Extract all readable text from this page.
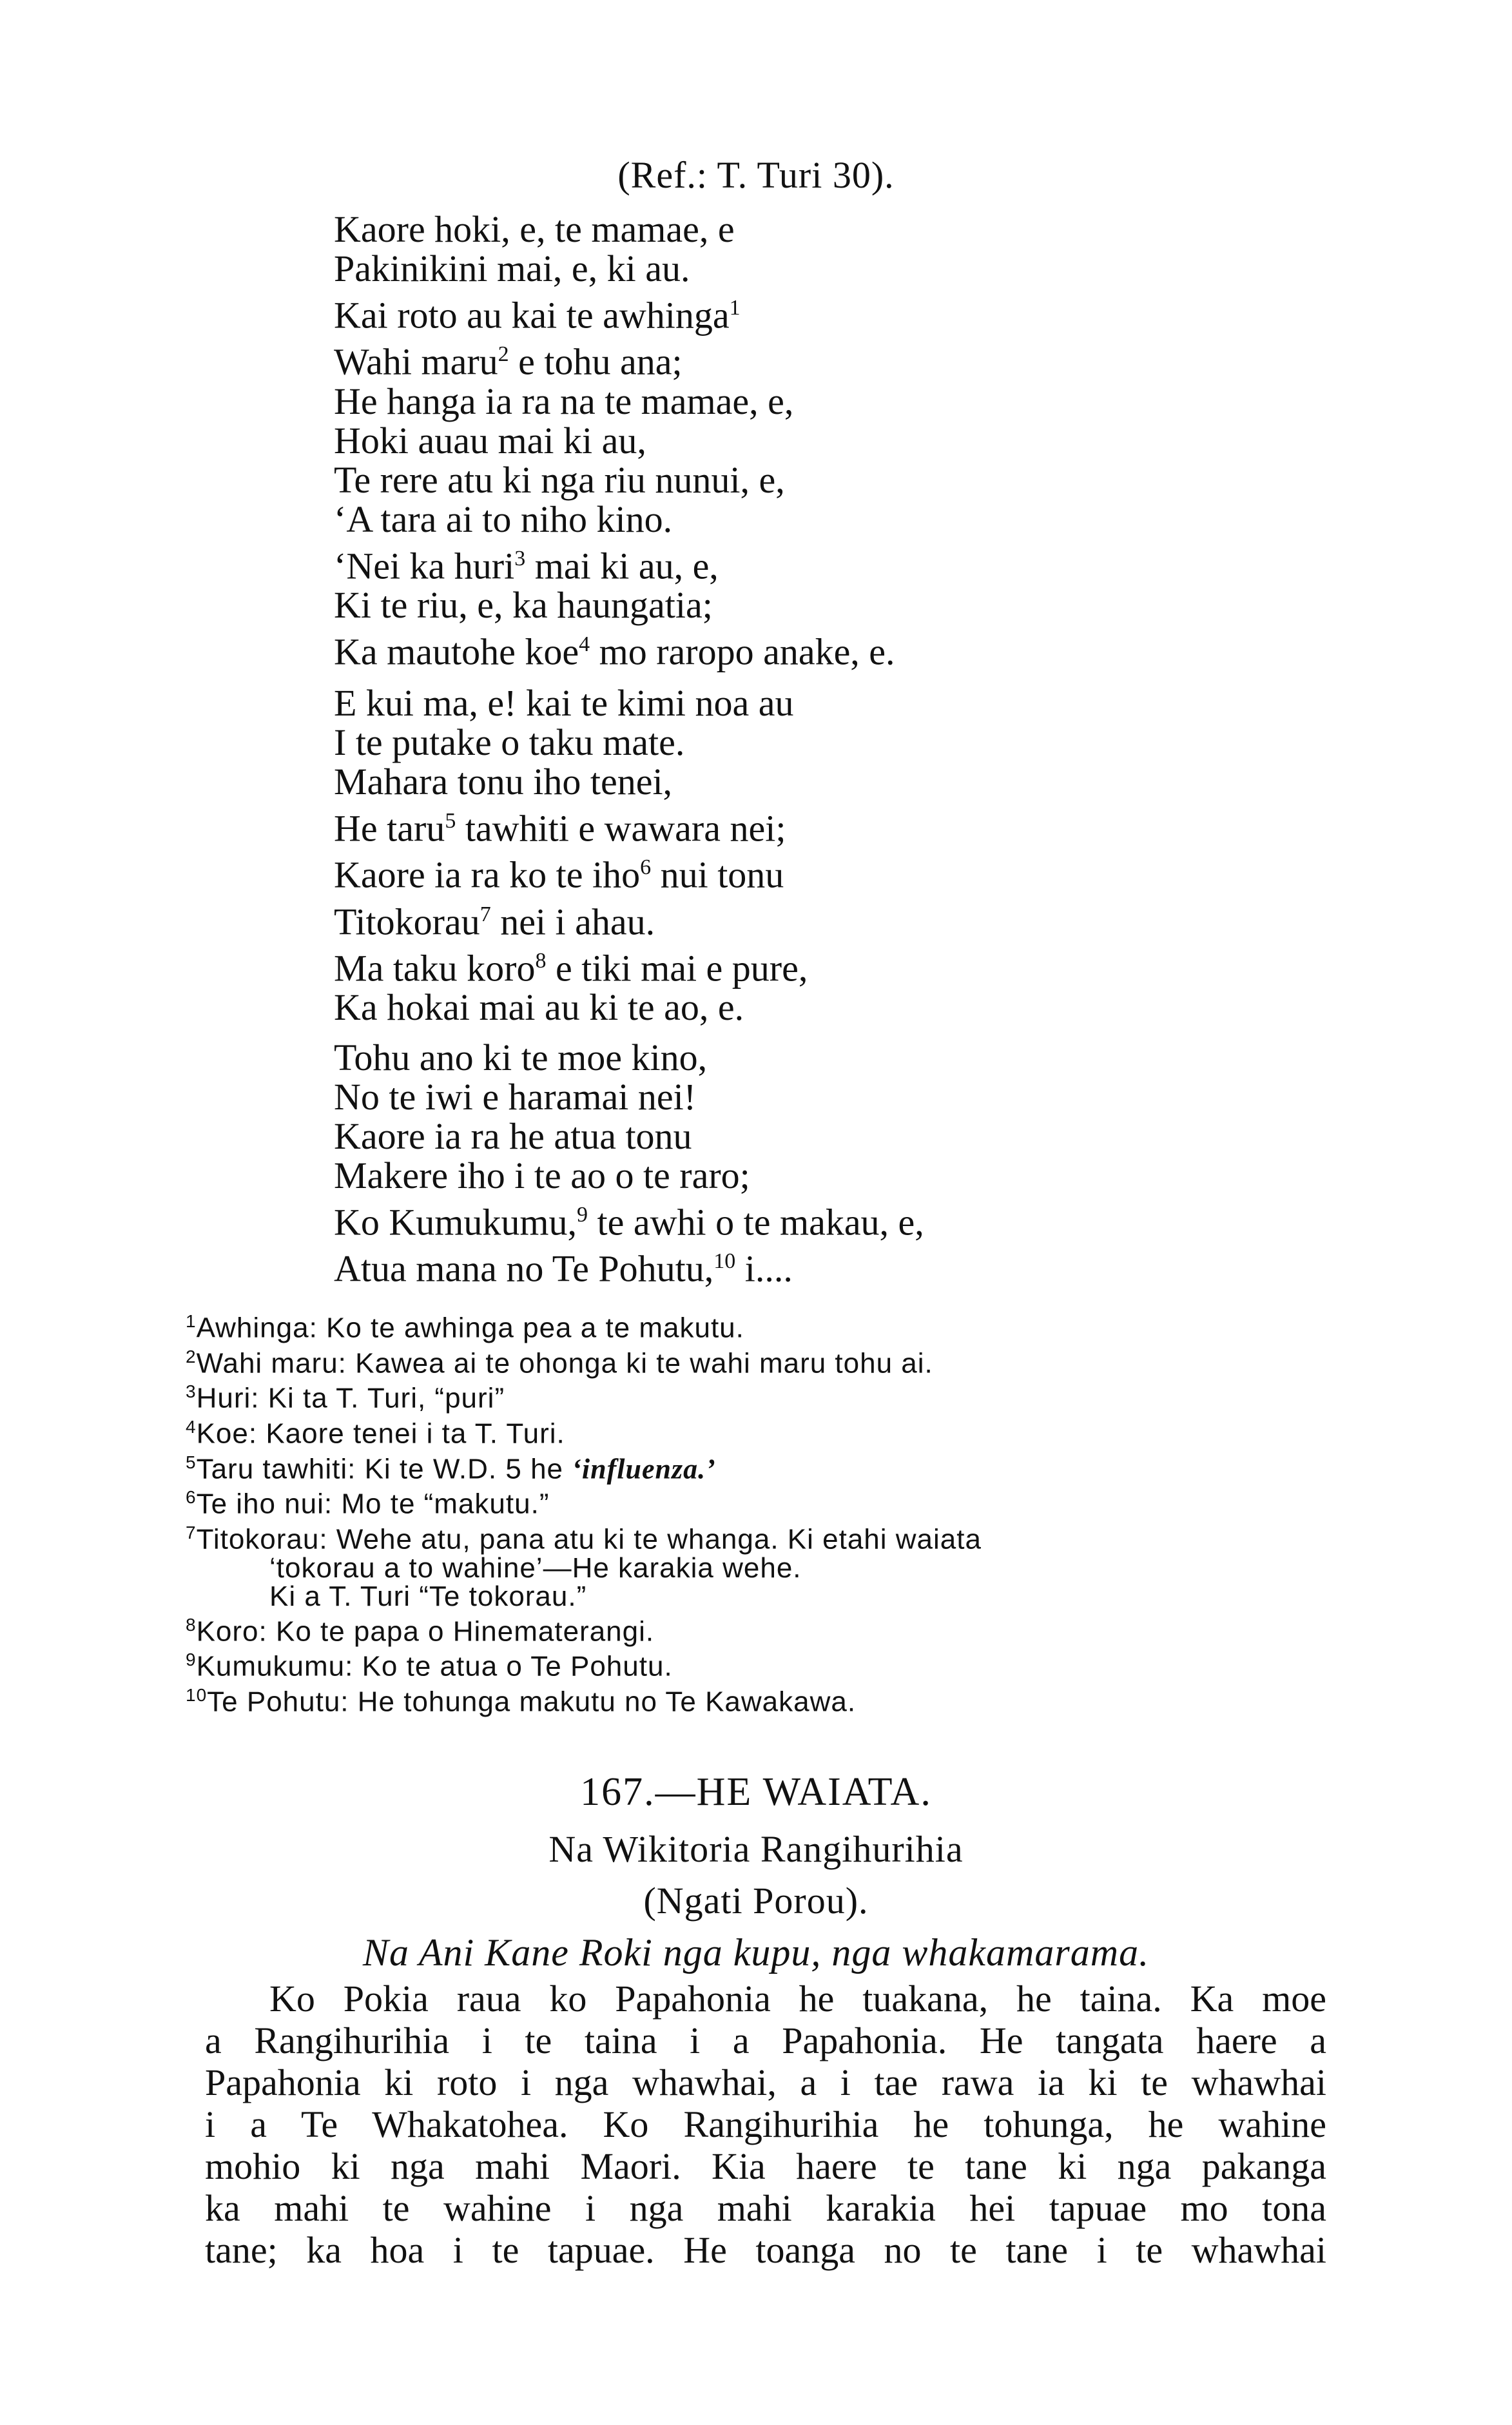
(Ref.: T. Turi 30).
Kaore hoki, e, te mamae, e
Pakinikini mai, e, ki au.
Kai roto au kai te awhinga$^1$
Wahi maru$^2$ e tohu ana;
He hanga ia ra na te mamae, e,
Hoki auau mai ki au,
Te rere atu ki nga riu nunui, e,
‘A tara ai to niho kino.
‘Nei ka huri$^3$ mai ki au, e,
Ki te riu, e, ka haungatia;
Ka mautohe koe$^4$ mo raropo anake, e.
E kui ma, e! kai te kimi noa au
I te putake o taku mate.
Mahara tonu iho tenei,
He taru$^5$ tawhiti e wawara nei;
Kaore ia ra ko te iho$^6$ nui tonu
Titokorau$^7$ nei i ahau.
Ma taku koro$^8$ e tiki mai e pure,
Ka hokai mai au ki te ao, e.
Tohu ano ki te moe kino,
No te iwi e haramai nei!
Kaore ia ra he atua tonu
Makere iho i te ao o te raro;
Ko Kumukumu,$^9$ te awhi o te makau, e,
Atua mana no Te Pohutu,$^{10}$ i....
$^1$Awhinga: Ko te awhinga pea a te makutu.
$^2$Wahi maru: Kawea ai te ohonga ki te wahi maru tohu ai.
$^3$Huri: Ki ta T. Turi, “puri”
$^4$Koe: Kaore tenei i ta T. Turi.
$^5$Taru tawhiti: Ki te W.D. 5 he ‘influenza.’
$^6$Te iho nui: Mo te “makutu.”
$^7$Titokorau: Wehe atu, pana atu ki te whanga. Ki etahi waiata
‘tokorau a to wahine’—He karakia wehe.
Ki a T. Turi “Te tokorau.”
$^8$Koro: Ko te papa o Hinematerangi.
$^9$Kumukumu: Ko te atua o Te Pohutu.
$^{10}$Te Pohutu: He tohunga makutu no Te Kawakawa.
167.—HE WAIATA.
Na Wikitoria Rangihurihia
(Ngati Porou).
Na Ani Kane Roki nga kupu, nga whakamarama.
Ko Pokia raua ko Papahonia he tuakana, he taina. Ka moe
a Rangihurihia i te taina i a Papahonia. He tangata haere a
Papahonia ki roto i nga whawhai, a i tae rawa ia ki te whawhai
i a Te Whakatohea. Ko Rangihurihia he tohunga, he wahine
mohio ki nga mahi Maori. Kia haere te tane ki nga pakanga
ka mahi te wahine i nga mahi karakia hei tapuae mo tona
tane; ka hoa i te tapuae. He toanga no te tane i te whawhai
